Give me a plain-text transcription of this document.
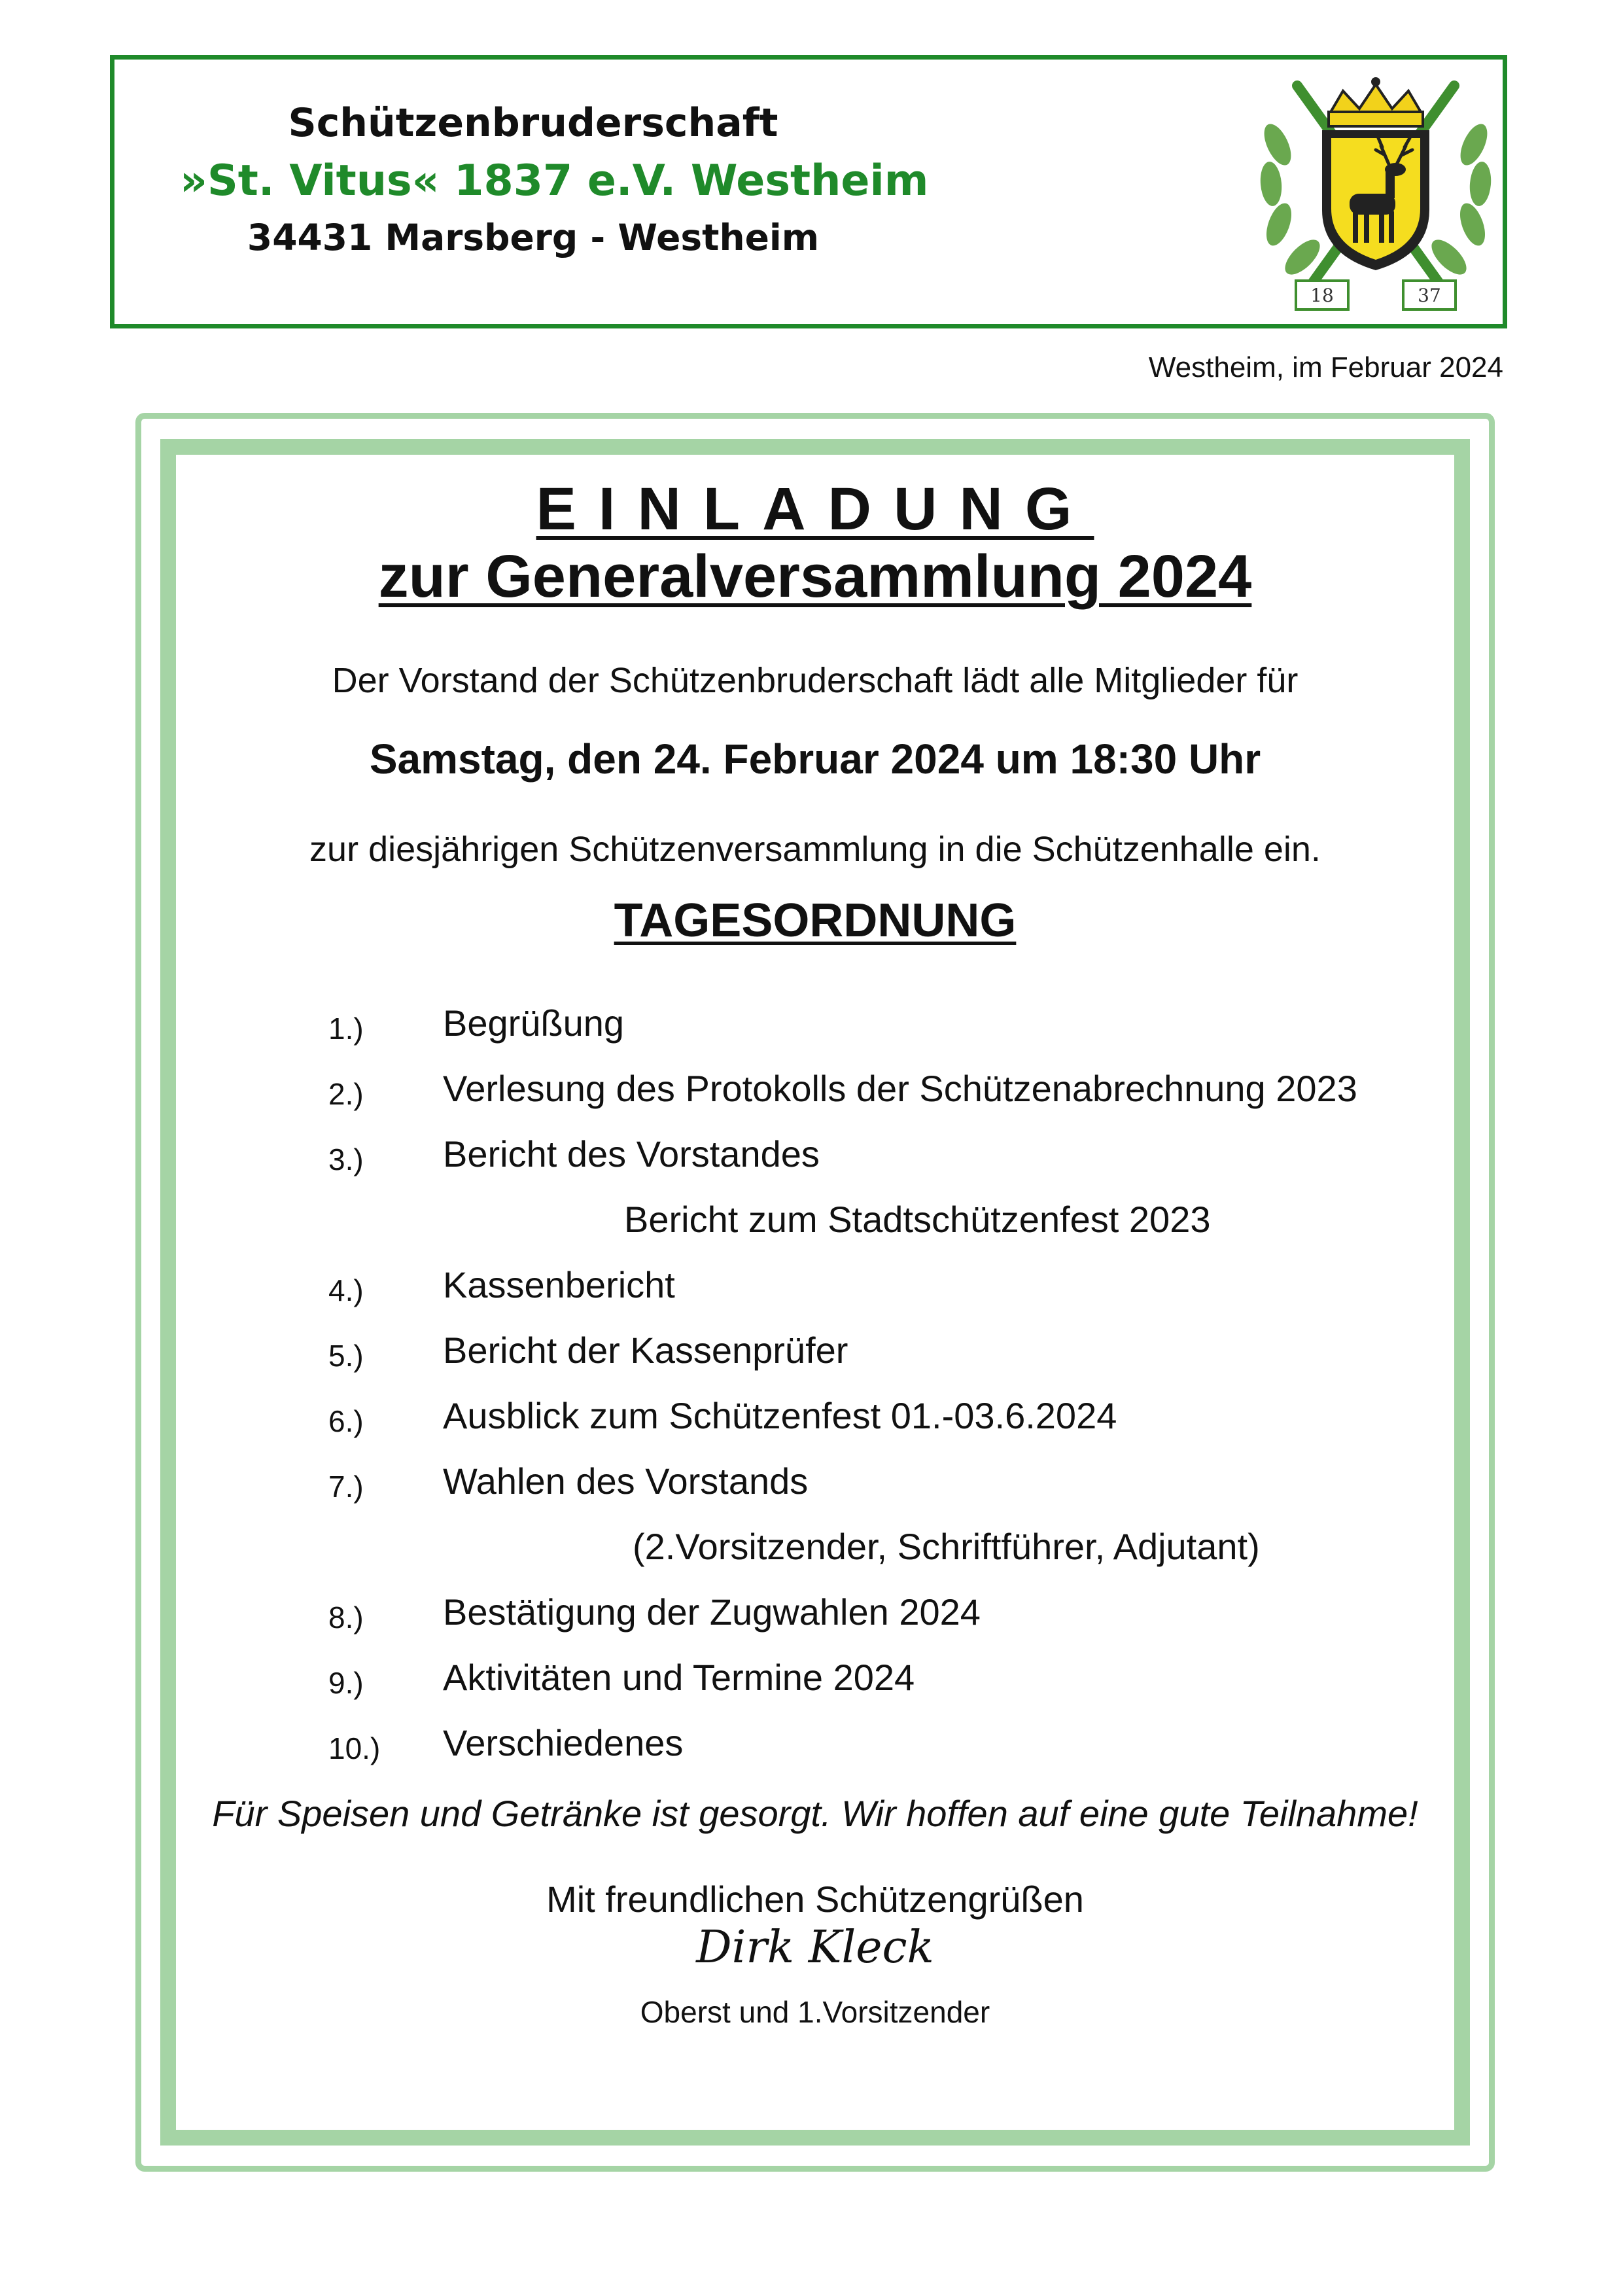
Schützenbruderschaft
»St. Vitus« 1837 e.V. Westheim
34431 Marsberg - Westheim
18	37
Westheim, im Februar 2024
EINLADUNG
zur Generalversammlung 2024
Der Vorstand der Schützenbruderschaft lädt alle Mitglieder für
Samstag, den 24. Februar 2024 um 18:30 Uhr
zur diesjährigen Schützenversammlung in die Schützenhalle ein.
TAGESORDNUNG
1.) Begrüßung
2.) Verlesung des Protokolls der Schützenabrechnung 2023
3.) Bericht des Vorstandes
Bericht zum Stadtschützenfest 2023
4.) Kassenbericht
5.) Bericht der Kassenprüfer
6.) Ausblick zum Schützenfest 01.-03.6.2024
7.) Wahlen des Vorstands
(2.Vorsitzender, Schriftführer, Adjutant)
8.) Bestätigung der Zugwahlen 2024
9.) Aktivitäten und Termine 2024
10.) Verschiedenes
Für Speisen und Getränke ist gesorgt. Wir hoffen auf eine gute Teilnahme!
Mit freundlichen Schützengrüßen
Dirk Kleck
Oberst und 1.Vorsitzender
